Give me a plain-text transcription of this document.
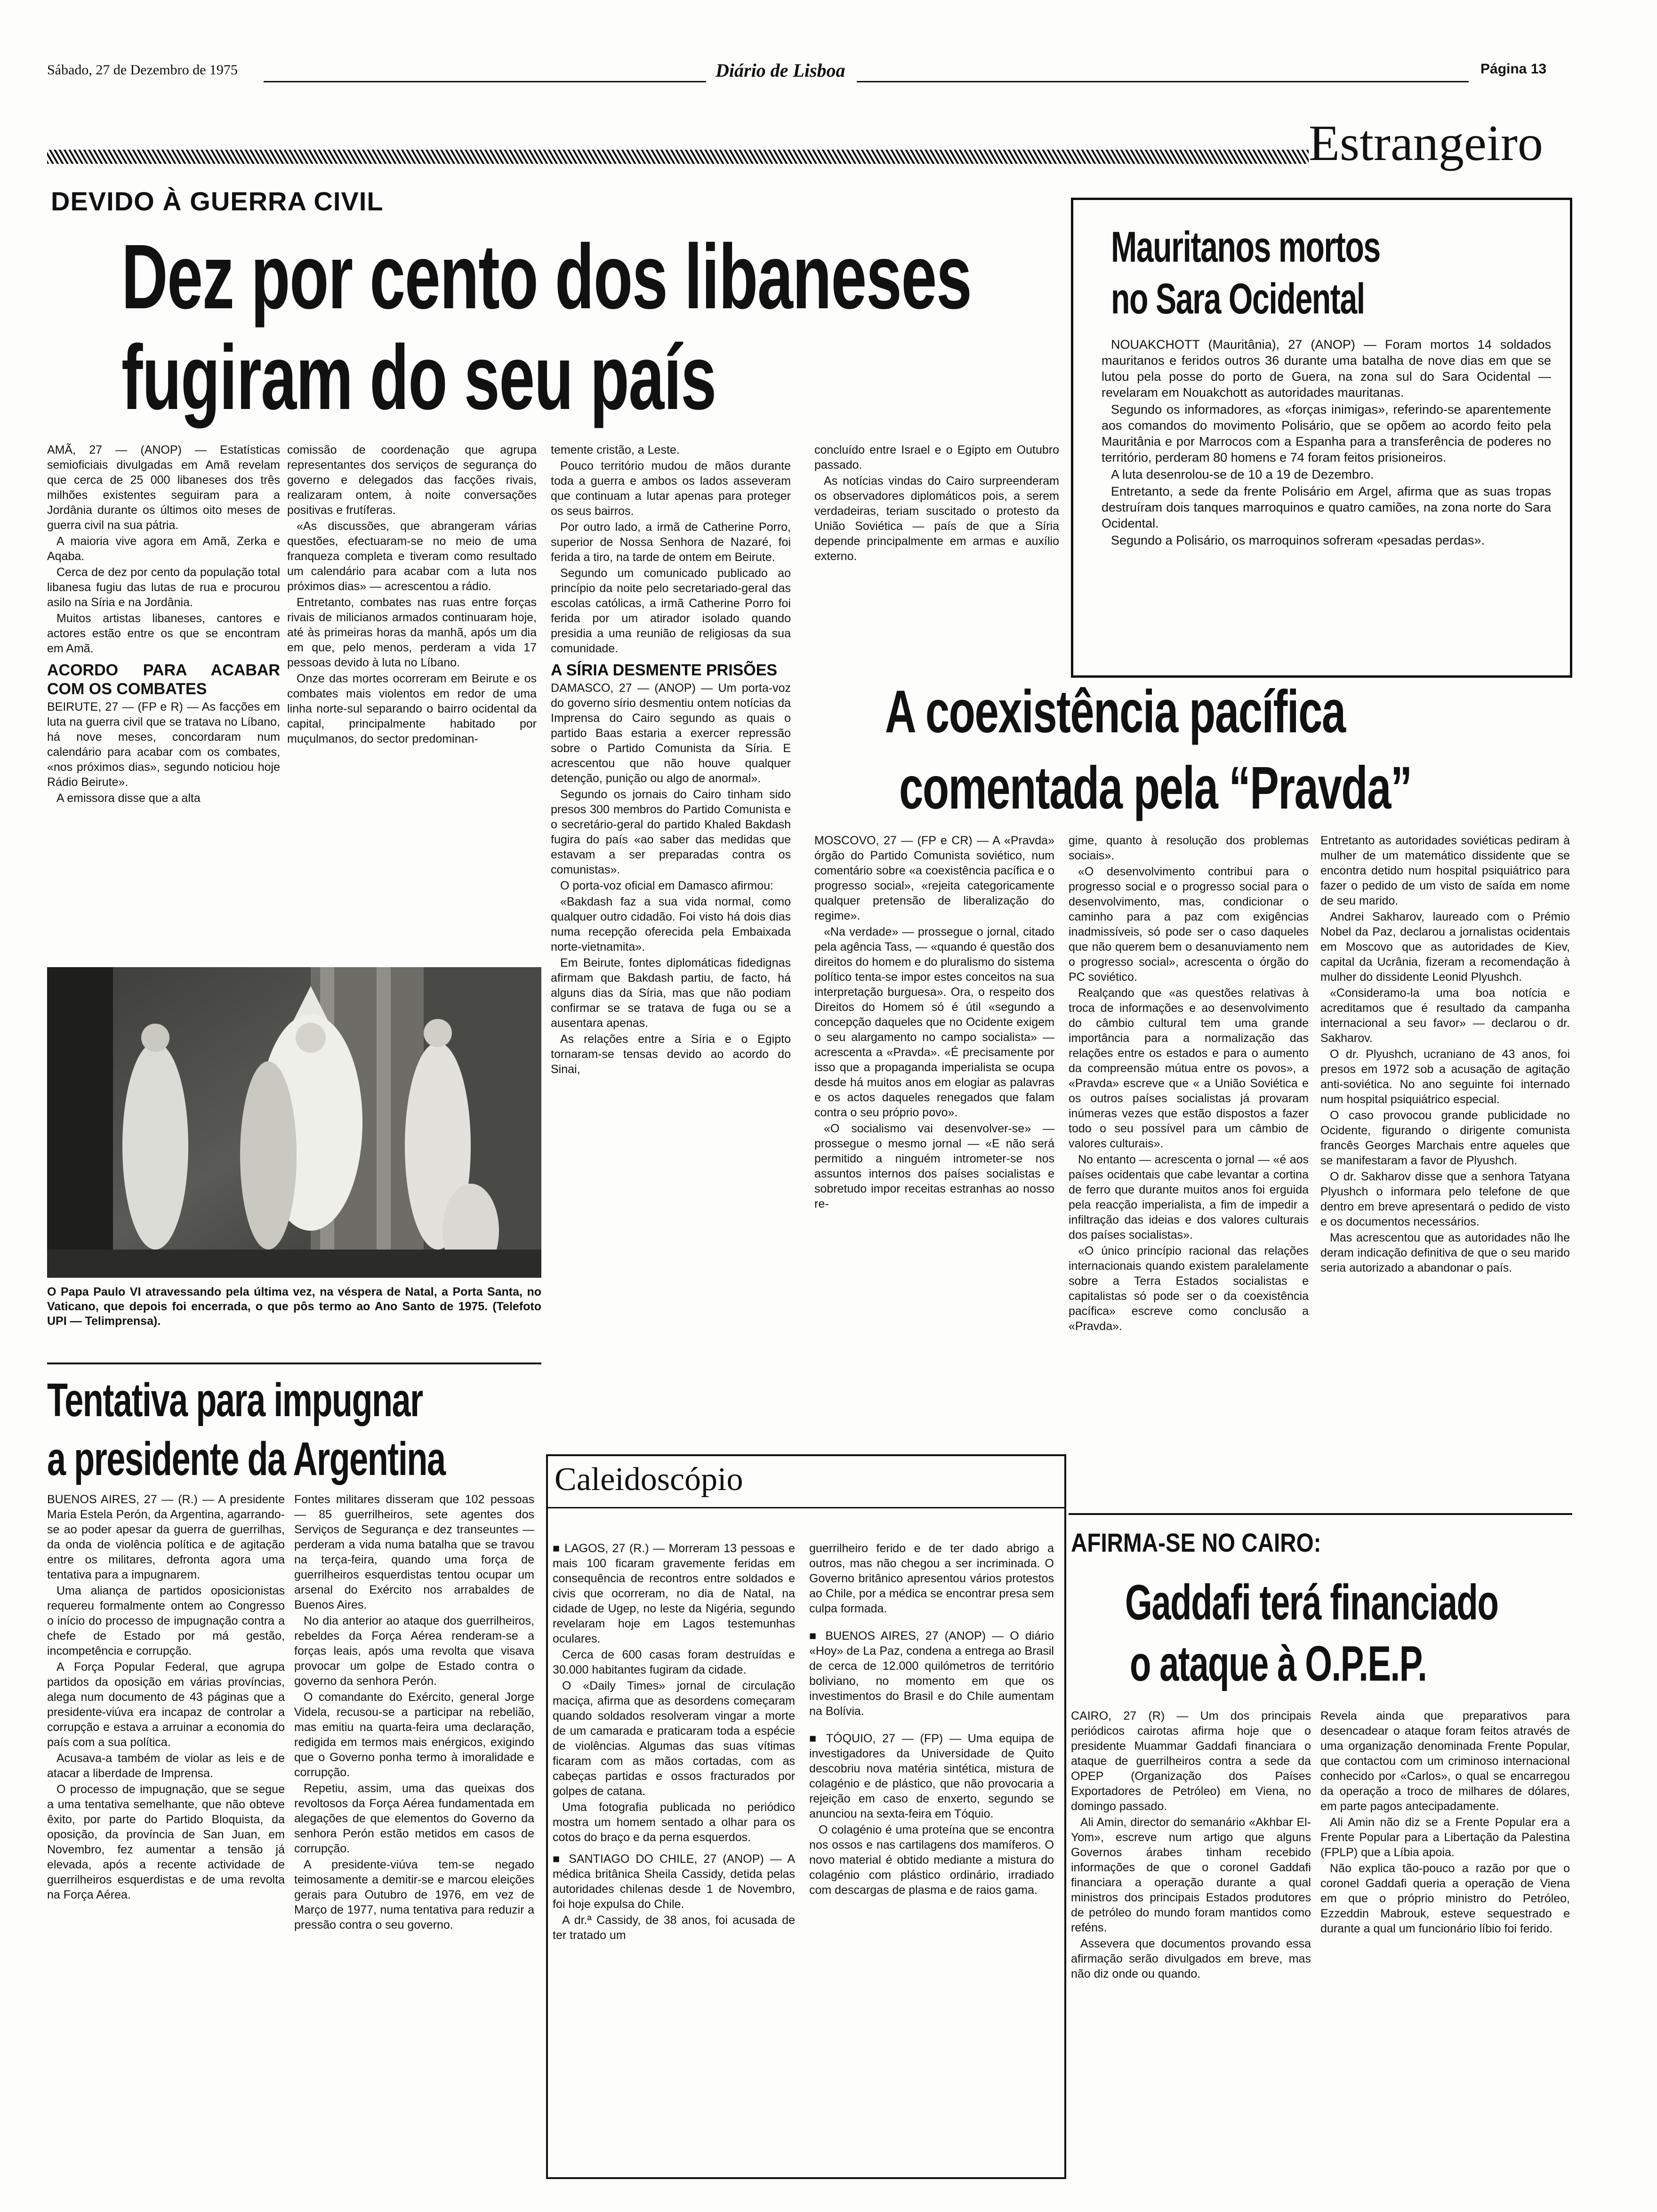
Sábado, 27 de Dezembro de 1975	Diário de Lisboa	Página 13
Estrangeiro
DEVIDO À GUERRA CIVIL
Dez por cento dos libaneses
fugiram do seu país

AMÃ, 27 — (ANOP) — Estatísticas semioficiais divulgadas em Amã revelam que cerca de 25 000 libaneses dos três milhões existentes seguiram para a Jordânia durante os últimos oito meses de guerra civil na sua pátria.

A maioria vive agora em Amã, Zerka e Aqaba.

Cerca de dez por cento da população total libanesa fugiu das lutas de rua e procurou asilo na Síria e na Jordânia.

Muitos artistas libaneses, cantores e actores estão entre os que se encontram em Amã.

ACORDO PARA ACABAR COM OS COMBATES

BEIRUTE, 27 — (FP e R) — As facções em luta na guerra civil que se tratava no Líbano, há nove meses, concordaram num calendário para acabar com os combates, «nos próximos dias», segundo noticiou hoje Rádio Beirute».

A emissora disse que a alta

comissão de coordenação que agrupa representantes dos serviços de segurança do governo e delegados das facções rivais, realizaram ontem, à noite conversações positivas e frutíferas.

«As discussões, que abrangeram várias questões, efectuaram-se no meio de uma franqueza completa e tiveram como resultado um calendário para acabar com a luta nos próximos dias» — acrescentou a rádio.

Entretanto, combates nas ruas entre forças rivais de milicianos armados continuaram hoje, até às primeiras horas da manhã, após um dia em que, pelo menos, perderam a vida 17 pessoas devido à luta no Líbano.

Onze das mortes ocorreram em Beirute e os combates mais violentos em redor de uma linha norte-sul separando o bairro ocidental da capital, principalmente habitado por muçulmanos, do sector predominan-

temente cristão, a Leste.

Pouco território mudou de mãos durante toda a guerra e ambos os lados asseveram que continuam a lutar apenas para proteger os seus bairros.

Por outro lado, a irmã de Catherine Porro, superior de Nossa Senhora de Nazaré, foi ferida a tiro, na tarde de ontem em Beirute.

Segundo um comunicado publicado ao princípio da noite pelo secretariado-geral das escolas católicas, a irmã Catherine Porro foi ferida por um atirador isolado quando presidia a uma reunião de religiosas da sua comunidade.

A SÍRIA DESMENTE PRISÕES

DAMASCO, 27 — (ANOP) — Um porta-voz do governo sírio desmentiu ontem notícias da Imprensa do Cairo segundo as quais o partido Baas estaria a exercer repressão sobre o Partido Comunista da Síria. E acrescentou que não houve qualquer detenção, punição ou algo de anormal».

Segundo os jornais do Cairo tinham sido presos 300 membros do Partido Comunista e o secretário-geral do partido Khaled Bakdash fugira do país «ao saber das medidas que estavam a ser preparadas contra os comunistas».

O porta-voz oficial em Damasco afirmou:

«Bakdash faz a sua vida normal, como qualquer outro cidadão. Foi visto há dois dias numa recepção oferecida pela Embaixada norte-vietnamita».

Em Beirute, fontes diplomáticas fidedignas afirmam que Bakdash partiu, de facto, há alguns dias da Síria, mas que não podiam confirmar se se tratava de fuga ou se a ausentara apenas.

As relações entre a Síria e o Egipto tornaram-se tensas devido ao acordo do Sinai,

concluído entre Israel e o Egipto em Outubro passado.

As notícias vindas do Cairo surpreenderam os observadores diplomáticos pois, a serem verdadeiras, teriam suscitado o protesto da União Soviética — país de que a Síria depende principalmente em armas e auxílio externo.

Mauritanos mortos
no Sara Ocidental

NOUAKCHOTT (Mauritânia), 27 (ANOP) — Foram mortos 14 soldados mauritanos e feridos outros 36 durante uma batalha de nove dias em que se lutou pela posse do porto de Guera, na zona sul do Sara Ocidental — revelaram em Nouakchott as autoridades mauritanas.

Segundo os informadores, as «forças inimigas», referindo-se aparentemente aos comandos do movimento Polisário, que se opõem ao acordo feito pela Mauritânia e por Marrocos com a Espanha para a transferência de poderes no território, perderam 80 homens e 74 foram feitos prisioneiros.

A luta desenrolou-se de 10 a 19 de Dezembro.

Entretanto, a sede da frente Polisário em Argel, afirma que as suas tropas destruíram dois tanques marroquinos e quatro camiões, na zona norte do Sara Ocidental.

Segundo a Polisário, os marroquinos sofreram «pesadas perdas».

O Papa Paulo VI atravessando pela última vez, na véspera de Natal, a Porta Santa, no Vaticano, que depois foi encerrada, o que pôs termo ao Ano Santo de 1975. (Telefoto UPI — Telimprensa).
A coexistência pacífica
comentada pela “Pravda”

MOSCOVO, 27 — (FP e CR) — A «Pravda» órgão do Partido Comunista soviético, num comentário sobre «a coexistência pacífica e o progresso social», «rejeita categoricamente qualquer pretensão de liberalização do regime».

«Na verdade» — prossegue o jornal, citado pela agência Tass, — «quando é questão dos direitos do homem e do pluralismo do sistema político tenta-se impor estes conceitos na sua interpretação burguesa». Ora, o respeito dos Direitos do Homem só é útil «segundo a concepção daqueles que no Ocidente exigem o seu alargamento no campo socialista» — acrescenta a «Pravda». «É precisamente por isso que a propaganda imperialista se ocupa desde há muitos anos em elogiar as palavras e os actos daqueles renegados que falam contra o seu próprio povo».

«O socialismo vai desenvolver-se» — prossegue o mesmo jornal — «E não será permitido a ninguém intrometer-se nos assuntos internos dos países socialistas e sobretudo impor receitas estranhas ao nosso re-

gime, quanto à resolução dos problemas sociais».

«O desenvolvimento contribui para o progresso social e o progresso social para o desenvolvimento, mas, condicionar o caminho para a paz com exigências inadmissíveis, só pode ser o caso daqueles que não querem bem o desanuviamento nem o progresso social», acrescenta o órgão do PC soviético.

Realçando que «as questões relativas à troca de informações e ao desenvolvimento do câmbio cultural tem uma grande importância para a normalização das relações entre os estados e para o aumento da compreensão mútua entre os povos», a «Pravda» escreve que « a União Soviética e os outros países socialistas já provaram inúmeras vezes que estão dispostos a fazer todo o seu possível para um câmbio de valores culturais».

No entanto — acrescenta o jornal — «é aos países ocidentais que cabe levantar a cortina de ferro que durante muitos anos foi erguida pela reacção imperialista, a fim de impedir a infiltração das ideias e dos valores culturais dos países socialistas».

«O único princípio racional das relações internacionais quando existem paralelamente sobre a Terra Estados socialistas e capitalistas só pode ser o da coexistência pacífica» escreve como conclusão a «Pravda».

Entretanto as autoridades soviéticas pediram à mulher de um matemático dissidente que se encontra detido num hospital psiquiátrico para fazer o pedido de um visto de saída em nome de seu marido.

Andrei Sakharov, laureado com o Prémio Nobel da Paz, declarou a jornalistas ocidentais em Moscovo que as autoridades de Kiev, capital da Ucrânia, fizeram a recomendação à mulher do dissidente Leonid Plyushch.

«Consideramo-la uma boa notícia e acreditamos que é resultado da campanha internacional a seu favor» — declarou o dr. Sakharov.

O dr. Plyushch, ucraniano de 43 anos, foi presos em 1972 sob a acusação de agitação anti-soviética. No ano seguinte foi internado num hospital psiquiátrico especial.

O caso provocou grande publicidade no Ocidente, figurando o dirigente comunista francês Georges Marchais entre aqueles que se manifestaram a favor de Plyushch.

O dr. Sakharov disse que a senhora Tatyana Plyushch o informara pelo telefone de que dentro em breve apresentará o pedido de visto e os documentos necessários.

Mas acrescentou que as autoridades não lhe deram indicação definitiva de que o seu marido seria autorizado a abandonar o país.

Tentativa para impugnar
a presidente da Argentina

BUENOS AIRES, 27 — (R.) — A presidente Maria Estela Perón, da Argentina, agarrando-se ao poder apesar da guerra de guerrilhas, da onda de violência política e de agitação entre os militares, defronta agora uma tentativa para a impugnarem.

Uma aliança de partidos oposicionistas requereu formalmente ontem ao Congresso o início do processo de impugnação contra a chefe de Estado por má gestão, incompetência e corrupção.

A Força Popular Federal, que agrupa partidos da oposição em várias províncias, alega num documento de 43 páginas que a presidente-viúva era incapaz de controlar a corrupção e estava a arruinar a economia do país com a sua política.

Acusava-a também de violar as leis e de atacar a liberdade de Imprensa.

O processo de impugnação, que se segue a uma tentativa semelhante, que não obteve êxito, por parte do Partido Bloquista, da oposição, da província de San Juan, em Novembro, fez aumentar a tensão já elevada, após a recente actividade de guerrilheiros esquerdistas e de uma revolta na Força Aérea.

Fontes militares disseram que 102 pessoas — 85 guerrilheiros, sete agentes dos Serviços de Segurança e dez transeuntes — perderam a vida numa batalha que se travou na terça-feira, quando uma força de guerrilheiros esquerdistas tentou ocupar um arsenal do Exército nos arrabaldes de Buenos Aires.

No dia anterior ao ataque dos guerrilheiros, rebeldes da Força Aérea renderam-se a forças leais, após uma revolta que visava provocar um golpe de Estado contra o governo da senhora Perón.

O comandante do Exército, general Jorge Videla, recusou-se a participar na rebelião, mas emitiu na quarta-feira uma declaração, redigida em termos mais enérgicos, exigindo que o Governo ponha termo à imoralidade e corrupção.

Repetiu, assim, uma das queixas dos revoltosos da Força Aérea fundamentada em alegações de que elementos do Governo da senhora Perón estão metidos em casos de corrupção.

A presidente-viúva tem-se negado teimosamente a demitir-se e marcou eleições gerais para Outubro de 1976, em vez de Março de 1977, numa tentativa para reduzir a pressão contra o seu governo.

Caleidoscópio

■ LAGOS, 27 (R.) — Morreram 13 pessoas e mais 100 ficaram gravemente feridas em consequência de recontros entre soldados e civis que ocorreram, no dia de Natal, na cidade de Ugep, no leste da Nigéria, segundo revelaram hoje em Lagos testemunhas oculares.

Cerca de 600 casas foram destruídas e 30.000 habitantes fugiram da cidade.

O «Daily Times» jornal de circulação maciça, afirma que as desordens começaram quando soldados resolveram vingar a morte de um camarada e praticaram toda a espécie de violências. Algumas das suas vítimas ficaram com as mãos cortadas, com as cabeças partidas e ossos fracturados por golpes de catana.

Uma fotografia publicada no periódico mostra um homem sentado a olhar para os cotos do braço e da perna esquerdos.

■ SANTIAGO DO CHILE, 27 (ANOP) — A médica britânica Sheila Cassidy, detida pelas autoridades chilenas desde 1 de Novembro, foi hoje expulsa do Chile.

A dr.ª Cassidy, de 38 anos, foi acusada de ter tratado um

guerrilheiro ferido e de ter dado abrigo a outros, mas não chegou a ser incriminada. O Governo britânico apresentou vários protestos ao Chile, por a médica se encontrar presa sem culpa formada.

■ BUENOS AIRES, 27 (ANOP) — O diário «Hoy» de La Paz, condena a entrega ao Brasil de cerca de 12.000 quilómetros de território boliviano, no momento em que os investimentos do Brasil e do Chile aumentam na Bolívia.

■ TÓQUIO, 27 — (FP) — Uma equipa de investigadores da Universidade de Quito descobriu nova matéria sintética, mistura de colagénio e de plástico, que não provocaria a rejeição em caso de enxerto, segundo se anunciou na sexta-feira em Tóquio.

O colagénio é uma proteína que se encontra nos ossos e nas cartilagens dos mamíferos. O novo material é obtido mediante a mistura do colagénio com plástico ordinário, irradiado com descargas de plasma e de raios gama.

AFIRMA-SE NO CAIRO:
Gaddafi terá financiado
o ataque à O.P.E.P.

CAIRO, 27 (R) — Um dos principais periódicos cairotas afirma hoje que o presidente Muammar Gaddafi financiara o ataque de guerrilheiros contra a sede da OPEP (Organização dos Países Exportadores de Petróleo) em Viena, no domingo passado.

Ali Amin, director do semanário «Akhbar El-Yom», escreve num artigo que alguns Governos árabes tinham recebido informações de que o coronel Gaddafi financiara a operação durante a qual ministros dos principais Estados produtores de petróleo do mundo foram mantidos como reféns.

Assevera que documentos provando essa afirmação serão divulgados em breve, mas não diz onde ou quando.

Revela ainda que preparativos para desencadear o ataque foram feitos através de uma organização denominada Frente Popular, que contactou com um criminoso internacional conhecido por «Carlos», o qual se encarregou da operação a troco de milhares de dólares, em parte pagos antecipadamente.

Ali Amin não diz se a Frente Popular era a Frente Popular para a Libertação da Palestina (FPLP) que a Líbia apoia.

Não explica tão-pouco a razão por que o coronel Gaddafi queria a operação de Viena em que o próprio ministro do Petróleo, Ezzeddin Mabrouk, esteve sequestrado e durante a qual um funcionário líbio foi ferido.
